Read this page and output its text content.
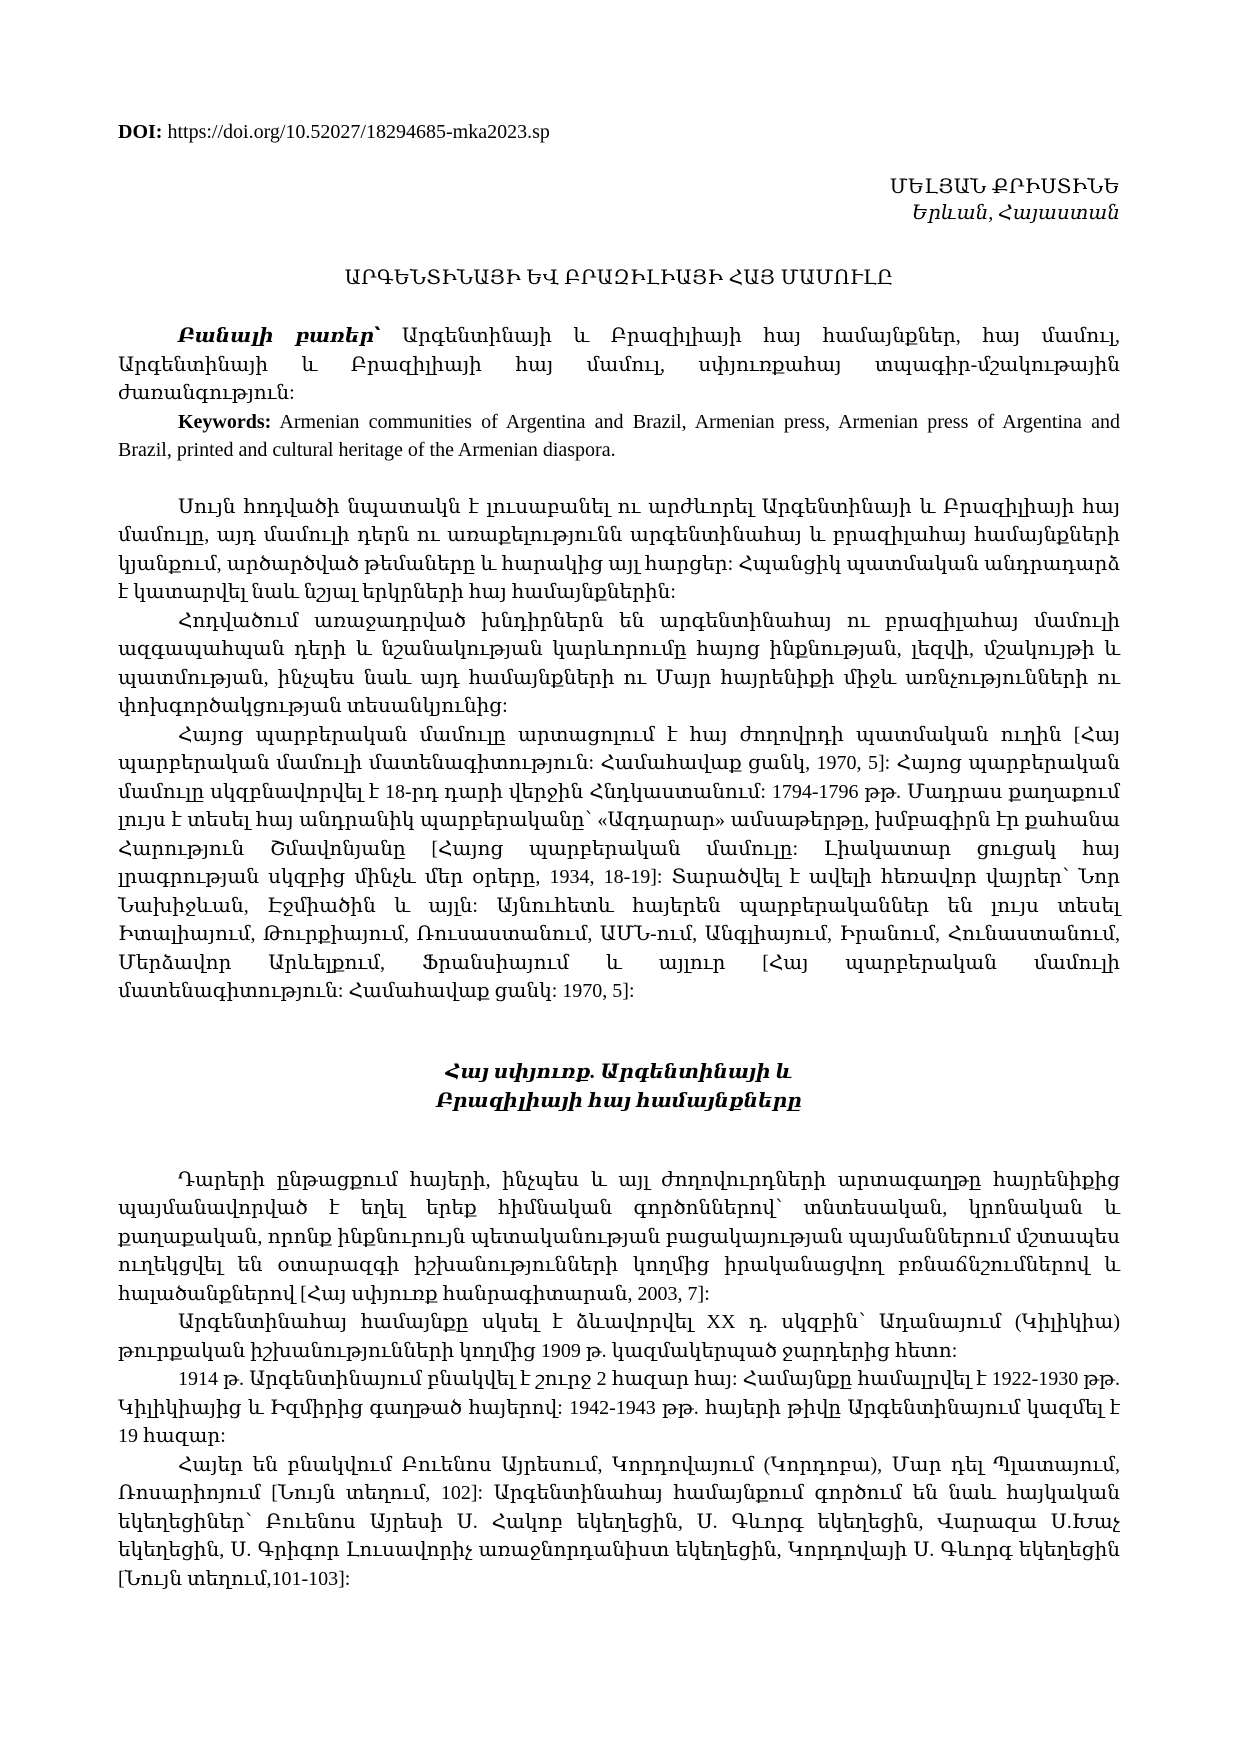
DOI: https://doi.org/10.52027/18294685-mka2023.sp
ՄԵԼՅԱՆ ՔՐԻՍՏԻՆԵ
Երևան, Հայաստան
ԱՐԳԵՆՏԻՆԱՅԻ ԵՎ ԲՐԱԶԻԼԻԱՅԻ ՀԱՅ ՄԱՄՈՒԼԸ

Բանալի բառեր՝ Արգենտինայի և Բրազիլիայի հայ համայնքներ, հայ մամուլ, Արգենտինայի և Բրազիլիայի հայ մամուլ, սփյուռքահայ տպագիր-մշակութային ժառանգություն:

Keywords: Armenian communities of Argentina and Brazil, Armenian press, Armenian press of Argentina and Brazil, printed and cultural heritage of the Armenian diaspora.

Սույն հոդվածի նպատակն է լուսաբանել ու արժևորել Արգենտինայի և Բրազիլիայի հայ մամուլը, այդ մամուլի դերն ու առաքելությունն արգենտինահայ և բրազիլահայ համայնքների կյանքում, արծարծված թեմաները և հարակից այլ հարցեր: Հպանցիկ պատմական անդրադարձ է կատարվել նաև նշյալ երկրների հայ համայնքներին:

Հոդվածում առաջադրված խնդիրներն են արգենտինահայ ու բրազիլահայ մամուլի ազգապահպան դերի և նշանակության կարևորումը հայոց ինքնության, լեզվի, մշակույթի և պատմության, ինչպես նաև այդ համայնքների ու Մայր հայրենիքի միջև առնչությունների ու փոխգործակցության տեսանկյունից:

Հայոց պարբերական մամուլը արտացոլում է հայ ժողովրդի պատմական ուղին [Հայ պարբերական մամուլի մատենագիտություն: Համահավաք ցանկ, 1970, 5]: Հայոց պարբերական մամուլը սկզբնավորվել է 18-րդ դարի վերջին Հնդկաստանում: 1794-1796 թթ. Մադրաս քաղաքում լույս է տեսել հայ անդրանիկ պարբերականը՝ «Ազդարար» ամսաթերթը, խմբագիրն էր քահանա Հարություն Շմավոնյանը [Հայոց պարբերական մամուլը: Լիակատար ցուցակ հայ լրագրության սկզբից մինչև մեր օրերը, 1934, 18-19]: Տարածվել է ավելի հեռավոր վայրեր՝ Նոր Նախիջևան, Էջմիածին և այլն: Այնուհետև հայերեն պարբերականներ են լույս տեսել Իտալիայում, Թուրքիայում, Ռուսաստանում, ԱՄՆ-ում, Անգլիայում, Իրանում, Հունաստանում, Մերձավոր Արևելքում, Ֆրանսիայում և այլուր [Հայ պարբերական մամուլի մատենագիտություն: Համահավաք ցանկ: 1970, 5]:

Հայ սփյուռք. Արգենտինայի և
Բրազիլիայի հայ համայնքները

Դարերի ընթացքում հայերի, ինչպես և այլ ժողովուրդների արտագաղթը հայրենիքից պայմանավորված է եղել երեք հիմնական գործոններով՝ տնտեսական, կրոնական և քաղաքական, որոնք ինքնուրույն պետականության բացակայության պայմաններում մշտապես ուղեկցվել են օտարազգի իշխանությունների կողմից իրականացվող բռնաճնշումներով և հալածանքներով [Հայ սփյուռք հանրագիտարան, 2003, 7]:

Արգենտինահայ համայնքը սկսել է ձևավորվել XX դ. սկզբին՝ Ադանայում (Կիլիկիա) թուրքական իշխանությունների կողմից 1909 թ. կազմակերպած ջարդերից հետո:

1914 թ. Արգենտինայում բնակվել է շուրջ 2 հազար հայ: Համայնքը համալրվել է 1922-1930 թթ. Կիլիկիայից և Իզմիրից գաղթած հայերով: 1942-1943 թթ. հայերի թիվը Արգենտինայում կազմել է 19 հազար:

Հայեր են բնակվում Բուենոս Այրեսում, Կորդովայում (Կորդոբա), Մար դել Պլատայում, Ռոսարիոյում [Նույն տեղում, 102]: Արգենտինահայ համայնքում գործում են նաև հայկական եկեղեցիներ՝ Բուենոս Այրեսի Ս. Հակոբ եկեղեցին, Ս. Գևորգ եկեղեցին, Վարազա Ս.Խաչ եկեղեցին, Ս. Գրիգոր Լուսավորիչ առաջնորդանիստ եկեղեցին, Կորդովայի Ս. Գևորգ եկեղեցին [Նույն տեղում,101-103]:
